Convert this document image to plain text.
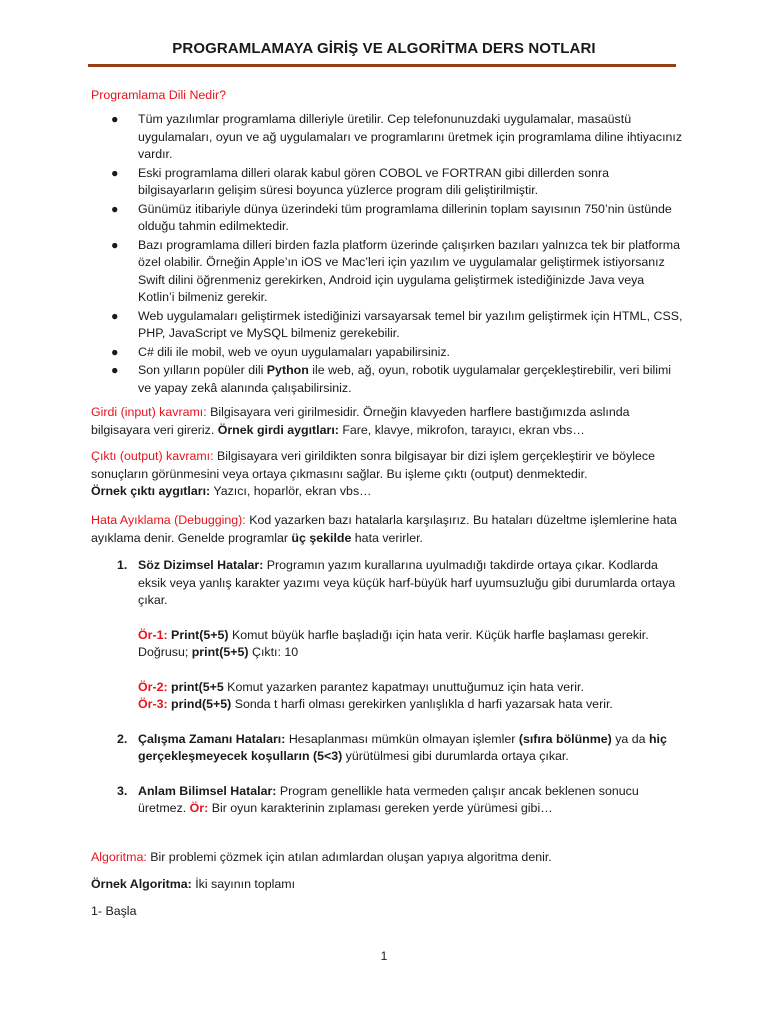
PROGRAMLAMAYA GİRİŞ VE ALGORİTMA DERS NOTLARI

Programlama Dili Nedir?

● Tüm yazılımlar programlama dilleriyle üretilir. Cep telefonunuzdaki uygulamalar, masaüstü uygulamaları, oyun ve ağ uygulamaları ve programlarını üretmek için programlama diline ihtiyacınız vardır.
● Eski programlama dilleri olarak kabul gören COBOL ve FORTRAN gibi dillerden sonra bilgisayarların gelişim süresi boyunca yüzlerce program dili geliştirilmiştir.
● Günümüz itibariyle dünya üzerindeki tüm programlama dillerinin toplam sayısının 750’nin üstünde olduğu tahmin edilmektedir.
● Bazı programlama dilleri birden fazla platform üzerinde çalışırken bazıları yalnızca tek bir platforma özel olabilir. Örneğin Apple’ın iOS ve Mac’leri için yazılım ve uygulamalar geliştirmek istiyorsanız Swift dilini öğrenmeniz gerekirken, Android için uygulama geliştirmek istediğinizde Java veya Kotlin’i bilmeniz gerekir.
● Web uygulamaları geliştirmek istediğinizi varsayarsak temel bir yazılım geliştirmek için HTML, CSS, PHP, JavaScript ve MySQL bilmeniz gerekebilir.
● C# dili ile mobil, web ve oyun uygulamaları yapabilirsiniz.
● Son yılların popüler dili Python ile web, ağ, oyun, robotik uygulamalar gerçekleştirebilir, veri bilimi ve yapay zekâ alanında çalışabilirsiniz.

Girdi (input) kavramı: Bilgisayara veri girilmesidir. Örneğin klavyeden harflere bastığımızda aslında bilgisayara veri gireriz. Örnek girdi aygıtları: Fare, klavye, mikrofon, tarayıcı, ekran vbs…

Çıktı (output) kavramı: Bilgisayara veri girildikten sonra bilgisayar bir dizi işlem gerçekleştirir ve böylece sonuçların görünmesini veya ortaya çıkmasını sağlar. Bu işleme çıktı (output) denmektedir.
Örnek çıktı aygıtları: Yazıcı, hoparlör, ekran vbs…

Hata Ayıklama (Debugging): Kod yazarken bazı hatalarla karşılaşırız. Bu hataları düzeltme işlemlerine hata ayıklama denir. Genelde programlar üç şekilde hata verirler.

1. Söz Dizimsel Hatalar: Programın yazım kurallarına uyulmadığı takdirde ortaya çıkar. Kodlarda eksik veya yanlış karakter yazımı veya küçük harf-büyük harf uyumsuzluğu gibi durumlarda ortaya çıkar.
Ör-1: Print(5+5) Komut büyük harfle başladığı için hata verir. Küçük harfle başlaması gerekir. Doğrusu; print(5+5) Çıktı: 10
Ör-2: print(5+5 Komut yazarken parantez kapatmayı unuttuğumuz için hata verir.
Ör-3: prind(5+5) Sonda t harfi olması gerekirken yanlışlıkla d harfi yazarsak hata verir.
2. Çalışma Zamanı Hataları: Hesaplanması mümkün olmayan işlemler (sıfıra bölünme) ya da hiç gerçekleşmeyecek koşulların (5<3) yürütülmesi gibi durumlarda ortaya çıkar.
3. Anlam Bilimsel Hatalar: Program genellikle hata vermeden çalışır ancak beklenen sonucu üretmez. Ör: Bir oyun karakterinin zıplaması gereken yerde yürümesi gibi…

Algoritma: Bir problemi çözmek için atılan adımlardan oluşan yapıya algoritma denir.

Örnek Algoritma: İki sayının toplamı

1- Başla

1
